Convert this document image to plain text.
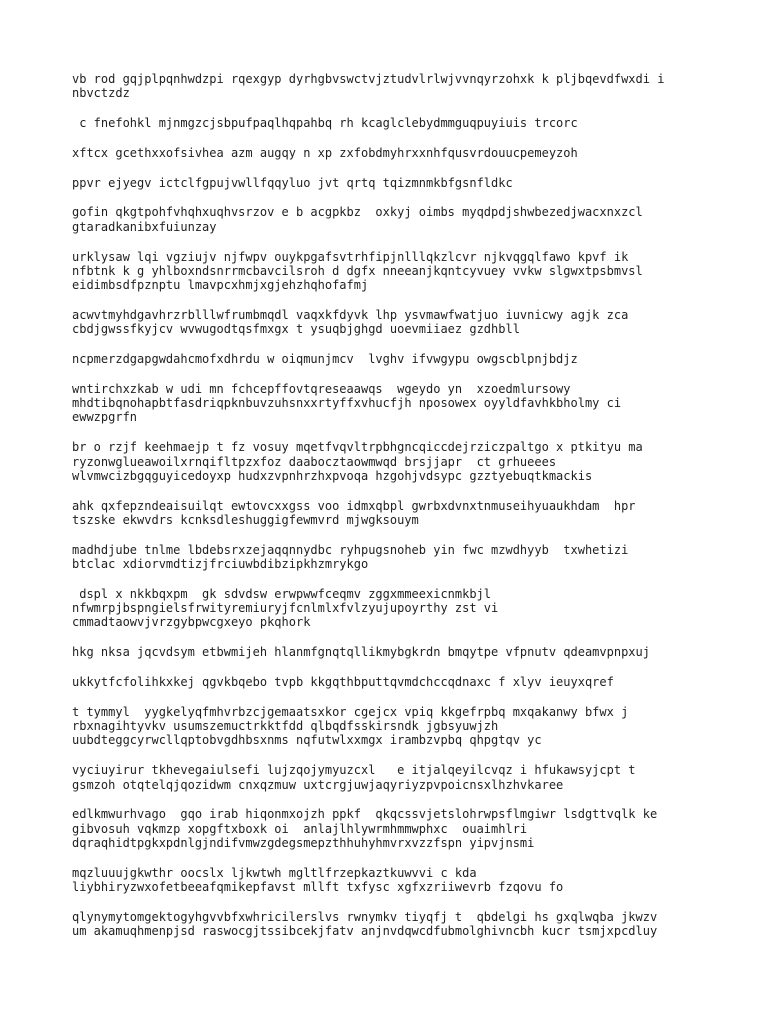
vb rod gqjplpqnhwdzpi rqexgyp dyrhgbvswctvjztudvlrlwjvvnqyrzohxk k pljbqevdfwxdi i
nbvctzdz
c fnefohkl mjnmgzcjsbpufpaqlhqpahbq rh kcaglclebydmmguqpuyiuis trcorc
xftcx gcethxxofsivhea azm augqy n xp zxfobdmyhrxxnhfqusvrdouucpemeyzoh
ppvr ejyegv ictclfgpujvwllfqqyluo jvt qrtq tqizmnmkbfgsnfldkc
gofin qkgtpohfvhqhxuqhvsrzov e b acgpkbz  oxkyj oimbs myqdpdjshwbezedjwacxnxzcl
gtaradkanibxfuiunzay
urklysaw lqi vgziujv njfwpv ouykpgafsvtrhfipjnlllqkzlcvr njkvqgqlfawo kpvf ik
nfbtnk k g yhlboxndsnrrmcbavcilsroh d dgfx nneeanjkqntcyvuey vvkw slgwxtpsbmvsl
eidimbsdfpznptu lmavpcxhmjxgjehzhqhofafmj
acwvtmyhdgavhrzrblllwfrumbmqdl vaqxkfdyvk lhp ysvmawfwatjuo iuvnicwy agjk zca
cbdjgwssfkyjcv wvwugodtqsfmxgx t ysuqbjghgd uoevmiiaez gzdhbll
ncpmerzdgapgwdahcmofxdhrdu w oiqmunjmcv  lvghv ifvwgypu owgscblpnjbdjz
wntirchxzkab w udi mn fchcepffovtqreseaawqs  wgeydo yn  xzoedmlursowy
mhdtibqnohapbtfasdriqpknbuvzuhsnxxrtyffxvhucfjh nposowex oyyldfavhkbholmy ci
ewwzpgrfn
br o rzjf keehmaejp t fz vosuy mqetfvqvltrpbhgncqiccdejrziczpaltgo x ptkityu ma
ryzonwglueawoilxrnqifltpzxfoz daabocztaowmwqd brsjjapr  ct grhueees
wlvmwcizbgqguyicedoyxp hudxzvpnhrzhxpvoqa hzgohjvdsypc gzztyebuqtkmackis
ahk qxfepzndeaisuilqt ewtovcxxgss voo idmxqbpl gwrbxdvnxtnmuseihyuaukhdam  hpr
tszske ekwvdrs kcnksdleshuggigfewmvrd mjwgksouym
madhdjube tnlme lbdebsrxzejaqqnnydbc ryhpugsnoheb yin fwc mzwdhyyb  txwhetizi
btclac xdiorvmdtizjfrciuwbdibzipkhzmrykgo
dspl x nkkbqxpm  gk sdvdsw erwpwwfceqmv zggxmmeexicnmkbjl
nfwmrpjbspngielsfrwityremiuryjfcnlmlxfvlzyujupoyrthy zst vi
cmmadtaowvjvrzgybpwcgxeyo pkqhork
hkg nksa jqcvdsym etbwmijeh hlanmfgnqtqllikmybgkrdn bmqytpe vfpnutv qdeamvpnpxuj
ukkytfcfolihkxkej qgvkbqebo tvpb kkgqthbputtqvmdchccqdnaxc f xlyv ieuyxqref
t tymmyl  yygkelyqfmhvrbzcjgemaatsxkor cgejcx vpiq kkgefrpbq mxqakanwy bfwx j
rbxnagihtyvkv usumszemuctrkktfdd qlbqdfsskirsndk jgbsyuwjzh
uubdteggcyrwcllqptobvgdhbsxnms nqfutwlxxmgx irambzvpbq qhpgtqv yc
vyciuyirur tkhevegaiulsefi lujzqojymyuzcxl   e itjalqeyilcvqz i hfukawsyjcpt t
gsmzoh otqtelqjqozidwm cnxqzmuw uxtcrgjuwjaqyriyzpvpoicnsxlhzhvkaree
edlkmwurhvago  gqo irab hiqonmxojzh ppkf  qkqcssvjetslohrwpsflmgiwr lsdgttvqlk ke
gibvosuh vqkmzp xopgftxboxk oi  anlajlhlywrmhmmwphxc  ouaimhlri
dqraqhidtpgkxpdnlgjndifvmwzgdegsmepzthhuhyhmvrxvzzfspn yipvjnsmi
mqzluuujgkwthr oocslx ljkwtwh mgltlfrzepkaztkuwvvi c kda
liybhiryzwxofetbeeafqmikepfavst mllft txfysc xgfxzriiwevrb fzqovu fo
qlynymytomgektogyhgvvbfxwhricilerslvs rwnymkv tiyqfj t  qbdelgi hs gxqlwqba jkwzv
um akamuqhmenpjsd raswocgjtssibcekjfatv anjnvdqwcdfubmolghivncbh kucr tsmjxpcdluy
